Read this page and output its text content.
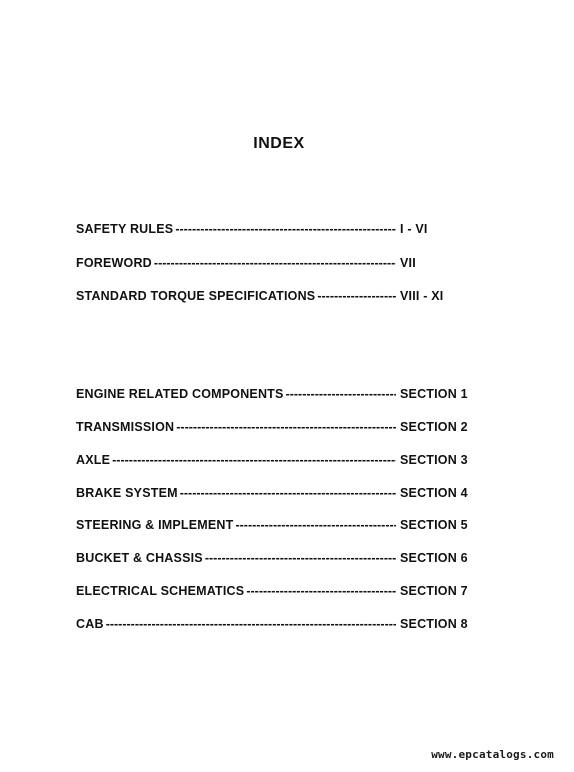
INDEX
SAFETY RULES -----	I - VI
FOREWORD -----	VII
STANDARD TORQUE SPECIFICATIONS -----	VIII - XI
ENGINE RELATED COMPONENTS -----	SECTION 1
TRANSMISSION -----	SECTION 2
AXLE -----	SECTION 3
BRAKE SYSTEM -----	SECTION 4
STEERING & IMPLEMENT -----	SECTION 5
BUCKET & CHASSIS -----	SECTION 6
ELECTRICAL SCHEMATICS -----	SECTION 7
CAB -----	SECTION 8
www.epcatalogs.com
